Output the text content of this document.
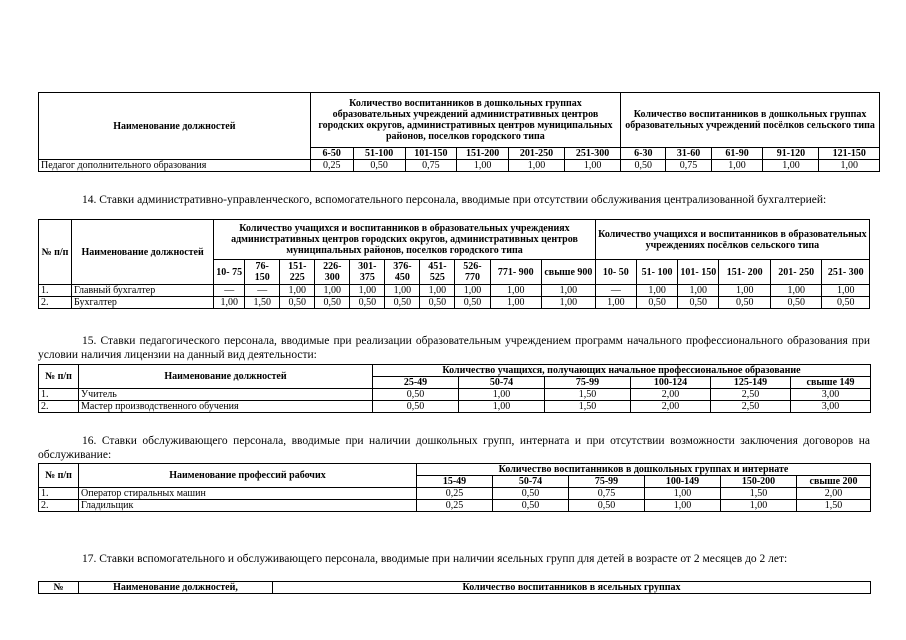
Наименование должностей	Количество воспитанников в дошкольных группах образовательных учреждений административных центров городских округов, административных центров муниципальных районов, поселков городского типа						Количество воспитанников в дошкольных группах образовательных учреждений посёлков сельского типа				
	6-50	51-100	101-150	151-200	201-250	251-300	6-30	31-60	61-90	91-120	121-150
Педагог дополнительного образования	0,25	0,50	0,75	1,00	1,00	1,00	0,50	0,75	1,00	1,00	1,00
14. Ставки административно-управленческого, вспомогательного персонала, вводимые при отсутствии обслуживания централизованной бухгалтерией:
№ п/п	Наименование должностей	Количество учащихся и воспитанников в образовательных учреждениях административных центров городских округов, административных центров муниципальных районов, поселков городского типа										Количество учащихся и воспитанников в образовательных учреждениях посёлков сельского типа					
		10- 75	76- 150	151- 225	226- 300	301- 375	376- 450	451- 525	526- 770	771- 900	свыше 900	10- 50	51- 100	101- 150	151- 200	201- 250	251- 300
1.	Главный бухгалтер	—	—	1,00	1,00	1,00	1,00	1,00	1,00	1,00	1,00	—	1,00	1,00	1,00	1,00	1,00
2.	Бухгалтер	1,00	1,50	0,50	0,50	0,50	0,50	0,50	0,50	1,00	1,00	1,00	0,50	0,50	0,50	0,50	0,50
15. Ставки педагогического персонала, вводимые при реализации образовательным учреждением программ начального профессионального образования при условии наличия лицензии на данный вид деятельности:
№ п/п	Наименование должностей	Количество учащихся, получающих начальное профессиональное образование					
		25-49	50-74	75-99	100-124	125-149	свыше 149
1.	Учитель	0,50	1,00	1,50	2,00	2,50	3,00
2.	Мастер производственного обучения	0,50	1,00	1,50	2,00	2,50	3,00
16. Ставки обслуживающего персонала, вводимые при наличии дошкольных групп, интерната и при отсутствии возможности заключения договоров на обслуживание:
№ п/п	Наименование профессий рабочих	Количество воспитанников в дошкольных группах и интернате					
		15-49	50-74	75-99	100-149	150-200	свыше 200
1.	Оператор стиральных машин	0,25	0,50	0,75	1,00	1,50	2,00
2.	Гладильщик	0,25	0,50	0,50	1,00	1,00	1,50
17. Ставки вспомогательного и обслуживающего персонала, вводимые при наличии ясельных групп для детей в возрасте от 2 месяцев до 2 лет:
№	Наименование должностей,	Количество воспитанников в ясельных группах
